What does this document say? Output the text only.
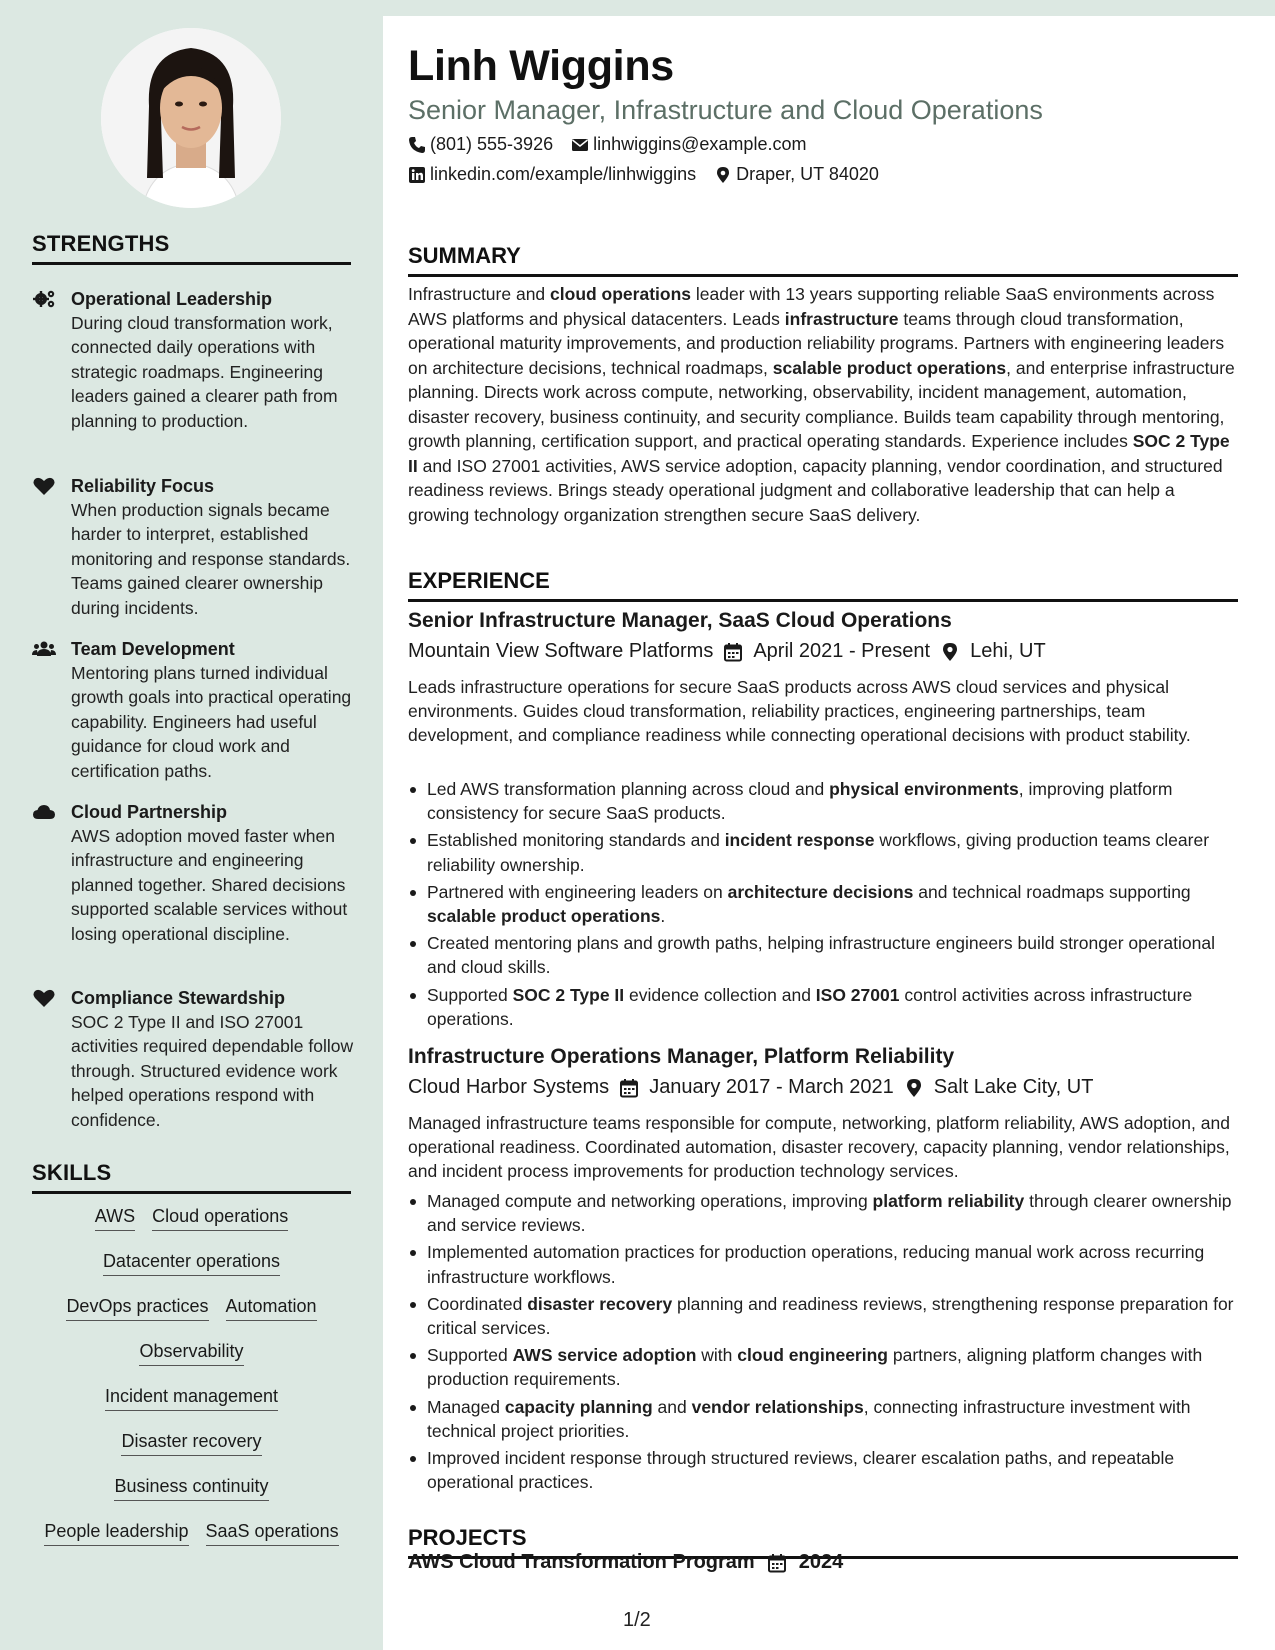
STRENGTHS
Operational Leadership
During cloud transformation work, connected daily operations with strategic roadmaps. Engineering leaders gained a clearer path from planning to production.
Reliability Focus
When production signals became harder to interpret, established monitoring and response standards. Teams gained clearer ownership during incidents.
Team Development
Mentoring plans turned individual growth goals into practical operating capability. Engineers had useful guidance for cloud work and certification paths.
Cloud Partnership
AWS adoption moved faster when infrastructure and engineering planned together. Shared decisions supported scalable services without losing operational discipline.
Compliance Stewardship
SOC 2 Type II and ISO 27001 activities required dependable follow through. Structured evidence work helped operations respond with confidence.
SKILLS
AWS Cloud operations
Datacenter operations
DevOps practices Automation
Observability
Incident management
Disaster recovery
Business continuity
People leadership SaaS operations
Linh Wiggins
Senior Manager, Infrastructure and Cloud Operations
(801) 555-3926 linhwiggins@example.com
linkedin.com/example/linhwiggins Draper, UT 84020
SUMMARY
Infrastructure and cloud operations leader with 13 years supporting reliable SaaS environments across AWS platforms and physical datacenters. Leads infrastructure teams through cloud transformation, operational maturity improvements, and production reliability programs. Partners with engineering leaders on architecture decisions, technical roadmaps, scalable product operations, and enterprise infrastructure planning. Directs work across compute, networking, observability, incident management, automation, disaster recovery, business continuity, and security compliance. Builds team capability through mentoring, growth planning, certification support, and practical operating standards. Experience includes SOC 2 Type II and ISO 27001 activities, AWS service adoption, capacity planning, vendor coordination, and structured readiness reviews. Brings steady operational judgment and collaborative leadership that can help a growing technology organization strengthen secure SaaS delivery.
EXPERIENCE
Senior Infrastructure Manager, SaaS Cloud Operations
Mountain View Software Platforms April 2021 - Present Lehi, UT
Leads infrastructure operations for secure SaaS products across AWS cloud services and physical environments. Guides cloud transformation, reliability practices, engineering partnerships, team development, and compliance readiness while connecting operational decisions with product stability.
Led AWS transformation planning across cloud and physical environments, improving platform consistency for secure SaaS products.
Established monitoring standards and incident response workflows, giving production teams clearer reliability ownership.
Partnered with engineering leaders on architecture decisions and technical roadmaps supporting scalable product operations.
Created mentoring plans and growth paths, helping infrastructure engineers build stronger operational and cloud skills.
Supported SOC 2 Type II evidence collection and ISO 27001 control activities across infrastructure operations.
Infrastructure Operations Manager, Platform Reliability
Cloud Harbor Systems January 2017 - March 2021 Salt Lake City, UT
Managed infrastructure teams responsible for compute, networking, platform reliability, AWS adoption, and operational readiness. Coordinated automation, disaster recovery, capacity planning, vendor relationships, and incident process improvements for production technology services.
Managed compute and networking operations, improving platform reliability through clearer ownership and service reviews.
Implemented automation practices for production operations, reducing manual work across recurring infrastructure workflows.
Coordinated disaster recovery planning and readiness reviews, strengthening response preparation for critical services.
Supported AWS service adoption with cloud engineering partners, aligning platform changes with production requirements.
Managed capacity planning and vendor relationships, connecting infrastructure investment with technical project priorities.
Improved incident response through structured reviews, clearer escalation paths, and repeatable operational practices.
PROJECTS
AWS Cloud Transformation Program 2024
1/2
